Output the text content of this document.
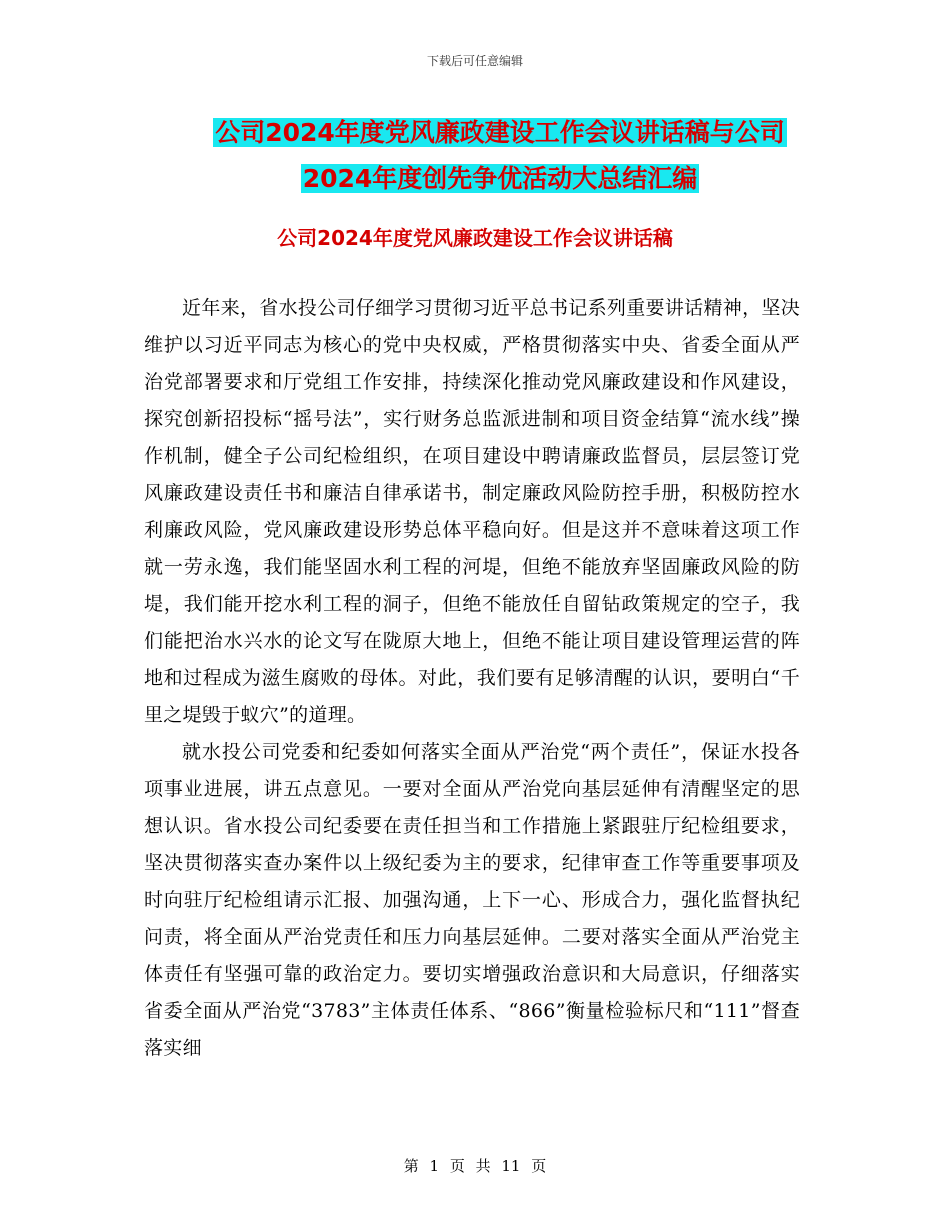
下载后可任意编辑
公司2024年度党风廉政建设工作会议讲话稿与公司
2024年度创先争优活动大总结汇编
公司2024年度党风廉政建设工作会议讲话稿

近年来，省水投公司仔细学习贯彻习近平总书记系列重要讲话精神，坚决维护以习近平同志为核心的党中央权威，严格贯彻落实中央、省委全面从严治党部署要求和厅党组工作安排，持续深化推动党风廉政建设和作风建设，探究创新招投标“摇号法”，实行财务总监派进制和项目资金结算“流水线”操作机制，健全子公司纪检组织，在项目建设中聘请廉政监督员，层层签订党风廉政建设责任书和廉洁自律承诺书，制定廉政风险防控手册，积极防控水利廉政风险，党风廉政建设形势总体平稳向好。但是这并不意味着这项工作就一劳永逸，我们能坚固水利工程的河堤，但绝不能放弃坚固廉政风险的防堤，我们能开挖水利工程的洞子，但绝不能放任自留钻政策规定的空子，我们能把治水兴水的论文写在陇原大地上，但绝不能让项目建设管理运营的阵地和过程成为滋生腐败的母体。对此，我们要有足够清醒的认识，要明白“千里之堤毁于蚁穴”的道理。

就水投公司党委和纪委如何落实全面从严治党“两个责任”，保证水投各项事业进展，讲五点意见。一要对全面从严治党向基层延伸有清醒坚定的思想认识。省水投公司纪委要在责任担当和工作措施上紧跟驻厅纪检组要求，坚决贯彻落实查办案件以上级纪委为主的要求，纪律审查工作等重要事项及时向驻厅纪检组请示汇报、加强沟通，上下一心、形成合力，强化监督执纪问责，将全面从严治党责任和压力向基层延伸。二要对落实全面从严治党主体责任有坚强可靠的政治定力。要切实增强政治意识和大局意识，仔细落实省委全面从严治党“3783”主体责任体系、“866”衡量检验标尺和“111”督查落实细

第 1 页 共 11 页
